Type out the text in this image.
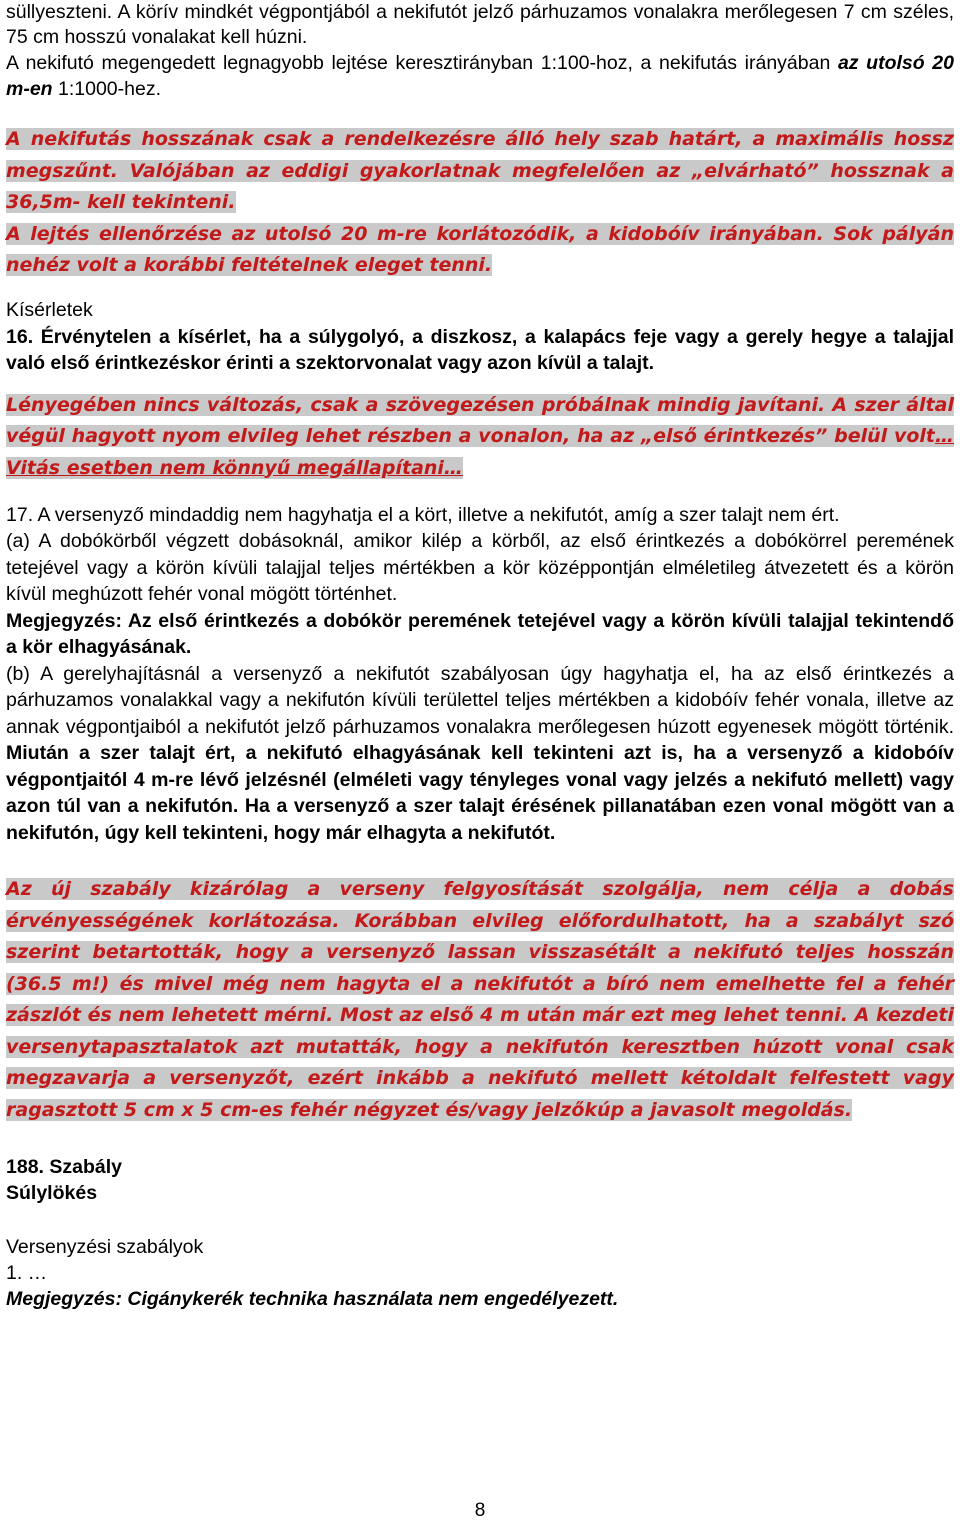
süllyeszteni. A körív mindkét végpontjából a nekifutót jelző párhuzamos vonalakra merőlegesen 7 cm széles, 75 cm hosszú vonalakat kell húzni.

A nekifutó megengedett legnagyobb lejtése keresztirányban 1:100-hoz, a nekifutás irányában az utolsó 20 m-en 1:1000-hez.

A nekifutás hosszának csak a rendelkezésre álló hely szab határt, a maximális hossz megszűnt. Valójában az eddigi gyakorlatnak megfelelően az „elvárható” hossznak a 36,5m- kell tekinteni.

A lejtés ellenőrzése az utolsó 20 m-re korlátozódik, a kidobóív irányában. Sok pályán nehéz volt a korábbi feltételnek eleget tenni.

Kísérletek

16. Érvénytelen a kísérlet, ha a súlygolyó, a diszkosz, a kalapács feje vagy a gerely hegye a talajjal való első érintkezéskor érinti a szektorvonalat vagy azon kívül a talajt.

Lényegében nincs változás, csak a szövegezésen próbálnak mindig javítani. A szer által végül hagyott nyom elvileg lehet részben a vonalon, ha az „első érintkezés” belül volt… Vitás esetben nem könnyű megállapítani…

17. A versenyző mindaddig nem hagyhatja el a kört, illetve a nekifutót, amíg a szer talajt nem ért.

(a) A dobókörből végzett dobásoknál, amikor kilép a körből, az első érintkezés a dobókörrel peremének tetejével vagy a körön kívüli talajjal teljes mértékben a kör középpontján elméletileg átvezetett és a körön kívül meghúzott fehér vonal mögött történhet.

Megjegyzés: Az első érintkezés a dobókör peremének tetejével vagy a körön kívüli talajjal tekintendő a kör elhagyásának.

(b) A gerelyhajításnál a versenyző a nekifutót szabályosan úgy hagyhatja el, ha az első érintkezés a párhuzamos vonalakkal vagy a nekifutón kívüli területtel teljes mértékben a kidobóív fehér vonala, illetve az annak végpontjaiból a nekifutót jelző párhuzamos vonalakra merőlegesen húzott egyenesek mögött történik. Miután a szer talajt ért, a nekifutó elhagyásának kell tekinteni azt is, ha a versenyző a kidobóív végpontjaitól 4 m-re lévő jelzésnél (elméleti vagy tényleges vonal vagy jelzés a nekifutó mellett) vagy azon túl van a nekifutón. Ha a versenyző a szer talajt érésének pillanatában ezen vonal mögött van a nekifutón, úgy kell tekinteni, hogy már elhagyta a nekifutót.

Az új szabály kizárólag a verseny felgyosítását szolgálja, nem célja a dobás érvényességének korlátozása. Korábban elvileg előfordulhatott, ha a szabályt szó szerint betartották, hogy a versenyző lassan visszasétált a nekifutó teljes hosszán (36.5 m!) és mivel még nem hagyta el a nekifutót a bíró nem emelhette fel a fehér zászlót és nem lehetett mérni. Most az első 4 m után már ezt meg lehet tenni. A kezdeti versenytapasztalatok azt mutatták, hogy a nekifutón keresztben húzott vonal csak megzavarja a versenyzőt, ezért inkább a nekifutó mellett kétoldalt felfestett vagy ragasztott 5 cm x 5 cm-es fehér négyzet és/vagy jelzőkúp a javasolt megoldás.

188. Szabály

Súlylökés

Versenyzési szabályok

1. …

Megjegyzés: Cigánykerék technika használata nem engedélyezett.

8
